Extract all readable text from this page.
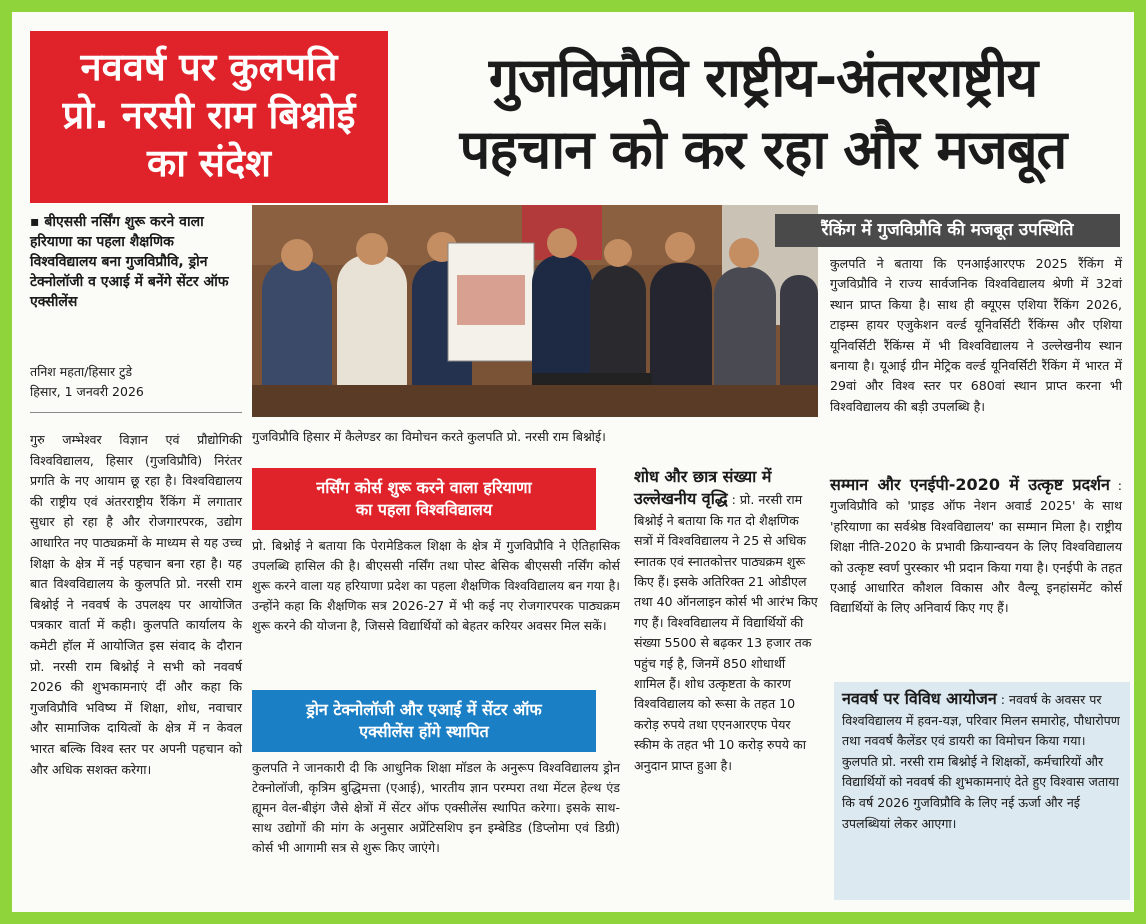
नववर्ष पर कुलपति
प्रो. नरसी राम बिश्नोई
का संदेश
गुजविप्रौवि राष्ट्रीय-अंतरराष्ट्रीय
पहचान को कर रहा और मजबूत
▪ बीएससी नर्सिंग शुरू करने वाला हरियाणा का पहला शैक्षणिक विश्वविद्यालय बना गुजविप्रौवि, ड्रोन टेक्नोलॉजी व एआई में बनेंगे सेंटर ऑफ एक्सीलेंस
तनिश महता/हिसार टुडे
हिसार, 1 जनवरी 2026
गुरु जम्भेश्वर विज्ञान एवं प्रौद्योगिकी विश्वविद्यालय, हिसार (गुजविप्रौवि) निरंतर प्रगति के नए आयाम छू रहा है। विश्वविद्यालय की राष्ट्रीय एवं अंतरराष्ट्रीय रैंकिंग में लगातार सुधार हो रहा है और रोजगारपरक, उद्योग आधारित नए पाठ्यक्रमों के माध्यम से यह उच्च शिक्षा के क्षेत्र में नई पहचान बना रहा है। यह बात विश्वविद्यालय के कुलपति प्रो. नरसी राम बिश्नोई ने नववर्ष के उपलक्ष्य पर आयोजित पत्रकार वार्ता में कही। कुलपति कार्यालय के कमेटी हॉल में आयोजित इस संवाद के दौरान प्रो. नरसी राम बिश्नोई ने सभी को नववर्ष 2026 की शुभकामनाएं दीं और कहा कि गुजविप्रौवि भविष्य में शिक्षा, शोध, नवाचार और सामाजिक दायित्वों के क्षेत्र में न केवल भारत बल्कि विश्व स्तर पर अपनी पहचान को और अधिक सशक्त करेगा।
गुजविप्रौवि हिसार में कैलेण्डर का विमोचन करते कुलपति प्रो. नरसी राम बिश्नोई।
रैंकिंग में गुजविप्रौवि की मजबूत उपस्थिति
कुलपति ने बताया कि एनआईआरएफ 2025 रैंकिंग में गुजविप्रौवि ने राज्य सार्वजनिक विश्वविद्यालय श्रेणी में 32वां स्थान प्राप्त किया है। साथ ही क्यूएस एशिया रैंकिंग 2026, टाइम्स हायर एजुकेशन वर्ल्ड यूनिवर्सिटी रैंकिंग्स और एशिया यूनिवर्सिटी रैंकिंग्स में भी विश्वविद्यालय ने उल्लेखनीय स्थान बनाया है। यूआई ग्रीन मेट्रिक वर्ल्ड यूनिवर्सिटी रैंकिंग में भारत में 29वां और विश्व स्तर पर 680वां स्थान प्राप्त करना भी विश्वविद्यालय की बड़ी उपलब्धि है।
सम्मान और एनईपी-2020 में उत्कृष्ट प्रदर्शन : गुजविप्रौवि को 'प्राइड ऑफ नेशन अवार्ड 2025' के साथ 'हरियाणा का सर्वश्रेष्ठ विश्वविद्यालय' का सम्मान मिला है। राष्ट्रीय शिक्षा नीति-2020 के प्रभावी क्रियान्वयन के लिए विश्वविद्यालय को उत्कृष्ट स्वर्ण पुरस्कार भी प्रदान किया गया है। एनईपी के तहत एआई आधारित कौशल विकास और वैल्यू इनहांसमेंट कोर्स विद्यार्थियों के लिए अनिवार्य किए गए हैं।
नर्सिंग कोर्स शुरू करने वाला हरियाणा
का पहला विश्वविद्यालय
प्रो. बिश्नोई ने बताया कि पेरामेडिकल शिक्षा के क्षेत्र में गुजविप्रौवि ने ऐतिहासिक उपलब्धि हासिल की है। बीएससी नर्सिंग तथा पोस्ट बेसिक बीएससी नर्सिंग कोर्स शुरू करने वाला यह हरियाणा प्रदेश का पहला शैक्षणिक विश्वविद्यालय बन गया है। उन्होंने कहा कि शैक्षणिक सत्र 2026-27 में भी कई नए रोजगारपरक पाठ्यक्रम शुरू करने की योजना है, जिससे विद्यार्थियों को बेहतर करियर अवसर मिल सकें।
ड्रोन टेक्नोलॉजी और एआई में सेंटर ऑफ
एक्सीलेंस होंगे स्थापित
कुलपति ने जानकारी दी कि आधुनिक शिक्षा मॉडल के अनुरूप विश्वविद्यालय ड्रोन टेक्नोलॉजी, कृत्रिम बुद्धिमत्ता (एआई), भारतीय ज्ञान परम्परा तथा मेंटल हेल्थ एंड ह्यूमन वेल-बीइंग जैसे क्षेत्रों में सेंटर ऑफ एक्सीलेंस स्थापित करेगा। इसके साथ-साथ उद्योगों की मांग के अनुसार अप्रेंटिसशिप इन इम्बेडिड (डिप्लोमा एवं डिग्री) कोर्स भी आगामी सत्र से शुरू किए जाएंगे।
शोध और छात्र संख्या में उल्लेखनीय वृद्धि : प्रो. नरसी राम बिश्नोई ने बताया कि गत दो शैक्षणिक सत्रों में विश्वविद्यालय ने 25 से अधिक स्नातक एवं स्नातकोत्तर पाठ्यक्रम शुरू किए हैं। इसके अतिरिक्त 21 ओडीएल तथा 40 ऑनलाइन कोर्स भी आरंभ किए गए हैं। विश्वविद्यालय में विद्यार्थियों की संख्या 5500 से बढ़कर 13 हजार तक पहुंच गई है, जिनमें 850 शोधार्थी शामिल हैं। शोध उत्कृष्टता के कारण विश्वविद्यालय को रूसा के तहत 10 करोड़ रुपये तथा एएनआरएफ पेयर स्कीम के तहत भी 10 करोड़ रुपये का अनुदान प्राप्त हुआ है।
नववर्ष पर विविध आयोजन : नववर्ष के अवसर पर विश्वविद्यालय में हवन-यज्ञ, परिवार मिलन समारोह, पौधारोपण तथा नववर्ष कैलेंडर एवं डायरी का विमोचन किया गया। कुलपति प्रो. नरसी राम बिश्नोई ने शिक्षकों, कर्मचारियों और विद्यार्थियों को नववर्ष की शुभकामनाएं देते हुए विश्वास जताया कि वर्ष 2026 गुजविप्रौवि के लिए नई ऊर्जा और नई उपलब्धियां लेकर आएगा।
